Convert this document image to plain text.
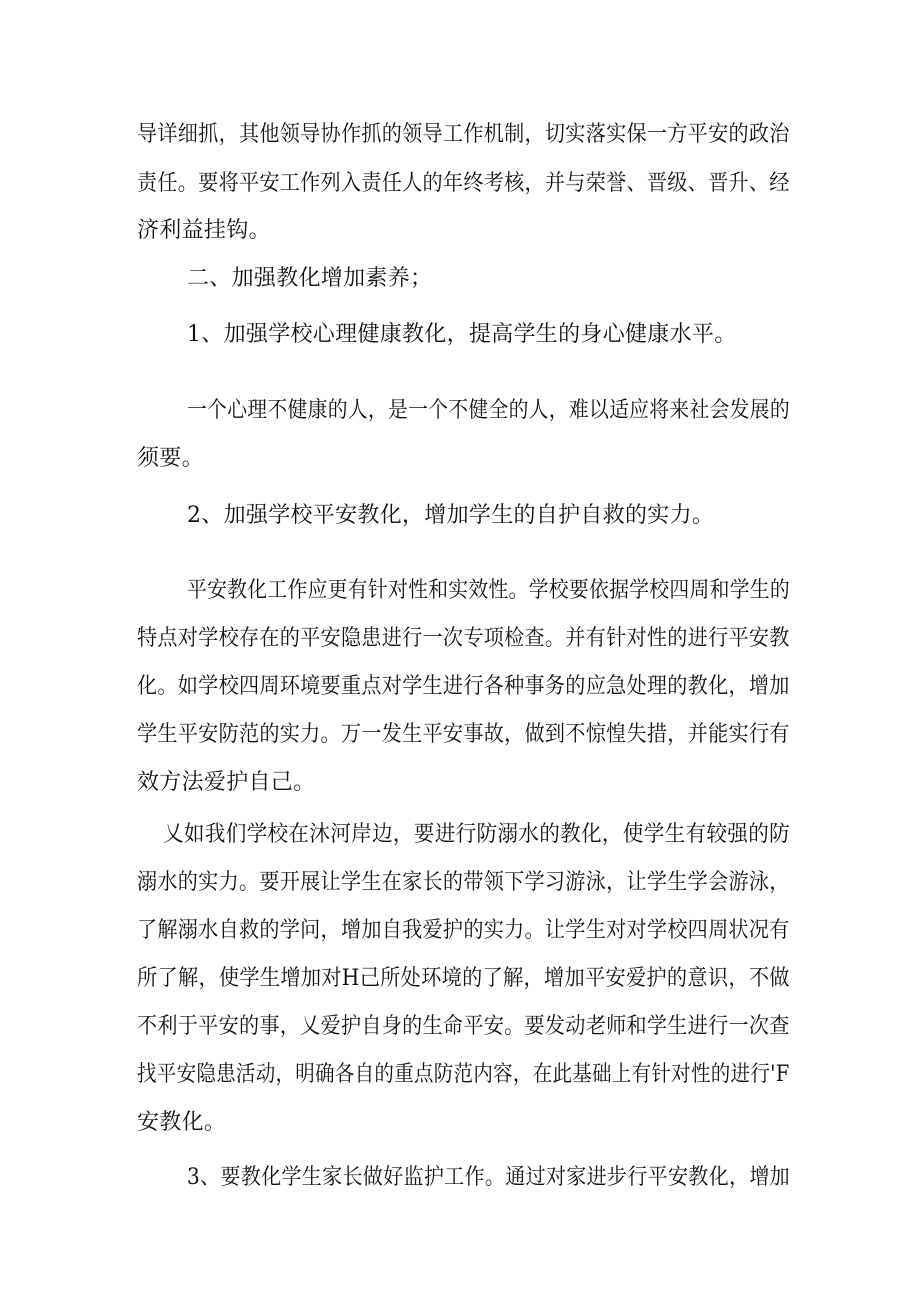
导详细抓，其他领导协作抓的领导工作机制，切实落实保一方平安的政治
责任。要将平安工作列入责任人的年终考核，并与荣誉、晋级、晋升、经
济利益挂钩。
二、加强教化增加素养；
1、加强学校心理健康教化，提高学生的身心健康水平。
一个心理不健康的人，是一个不健全的人，难以适应将来社会发展的
须要。
2、加强学校平安教化，增加学生的自护自救的实力。
平安教化工作应更有针对性和实效性。学校要依据学校四周和学生的
特点对学校存在的平安隐患进行一次专项检查。并有针对性的进行平安教
化。如学校四周环境要重点对学生进行各种事务的应急处理的教化，增加
学生平安防范的实力。万一发生平安事故，做到不惊惶失措，并能实行有
效方法爱护自己。
乂如我们学校在沐河岸边，要进行防溺水的教化，使学生有较强的防
溺水的实力。要开展让学生在家长的带领下学习游泳，让学生学会游泳，
了解溺水自救的学问，增加自我爱护的实力。让学生对对学校四周状况有
所了解，使学生增加对H己所处环境的了解，增加平安爱护的意识，不做
不利于平安的事，乂爱护自身的生命平安。要发动老师和学生进行一次查
找平安隐患活动，明确各自的重点防范内容，在此基础上有针对性的进行'F
安教化。
3、要教化学生家长做好监护工作。通过对家进步行平安教化，增加
